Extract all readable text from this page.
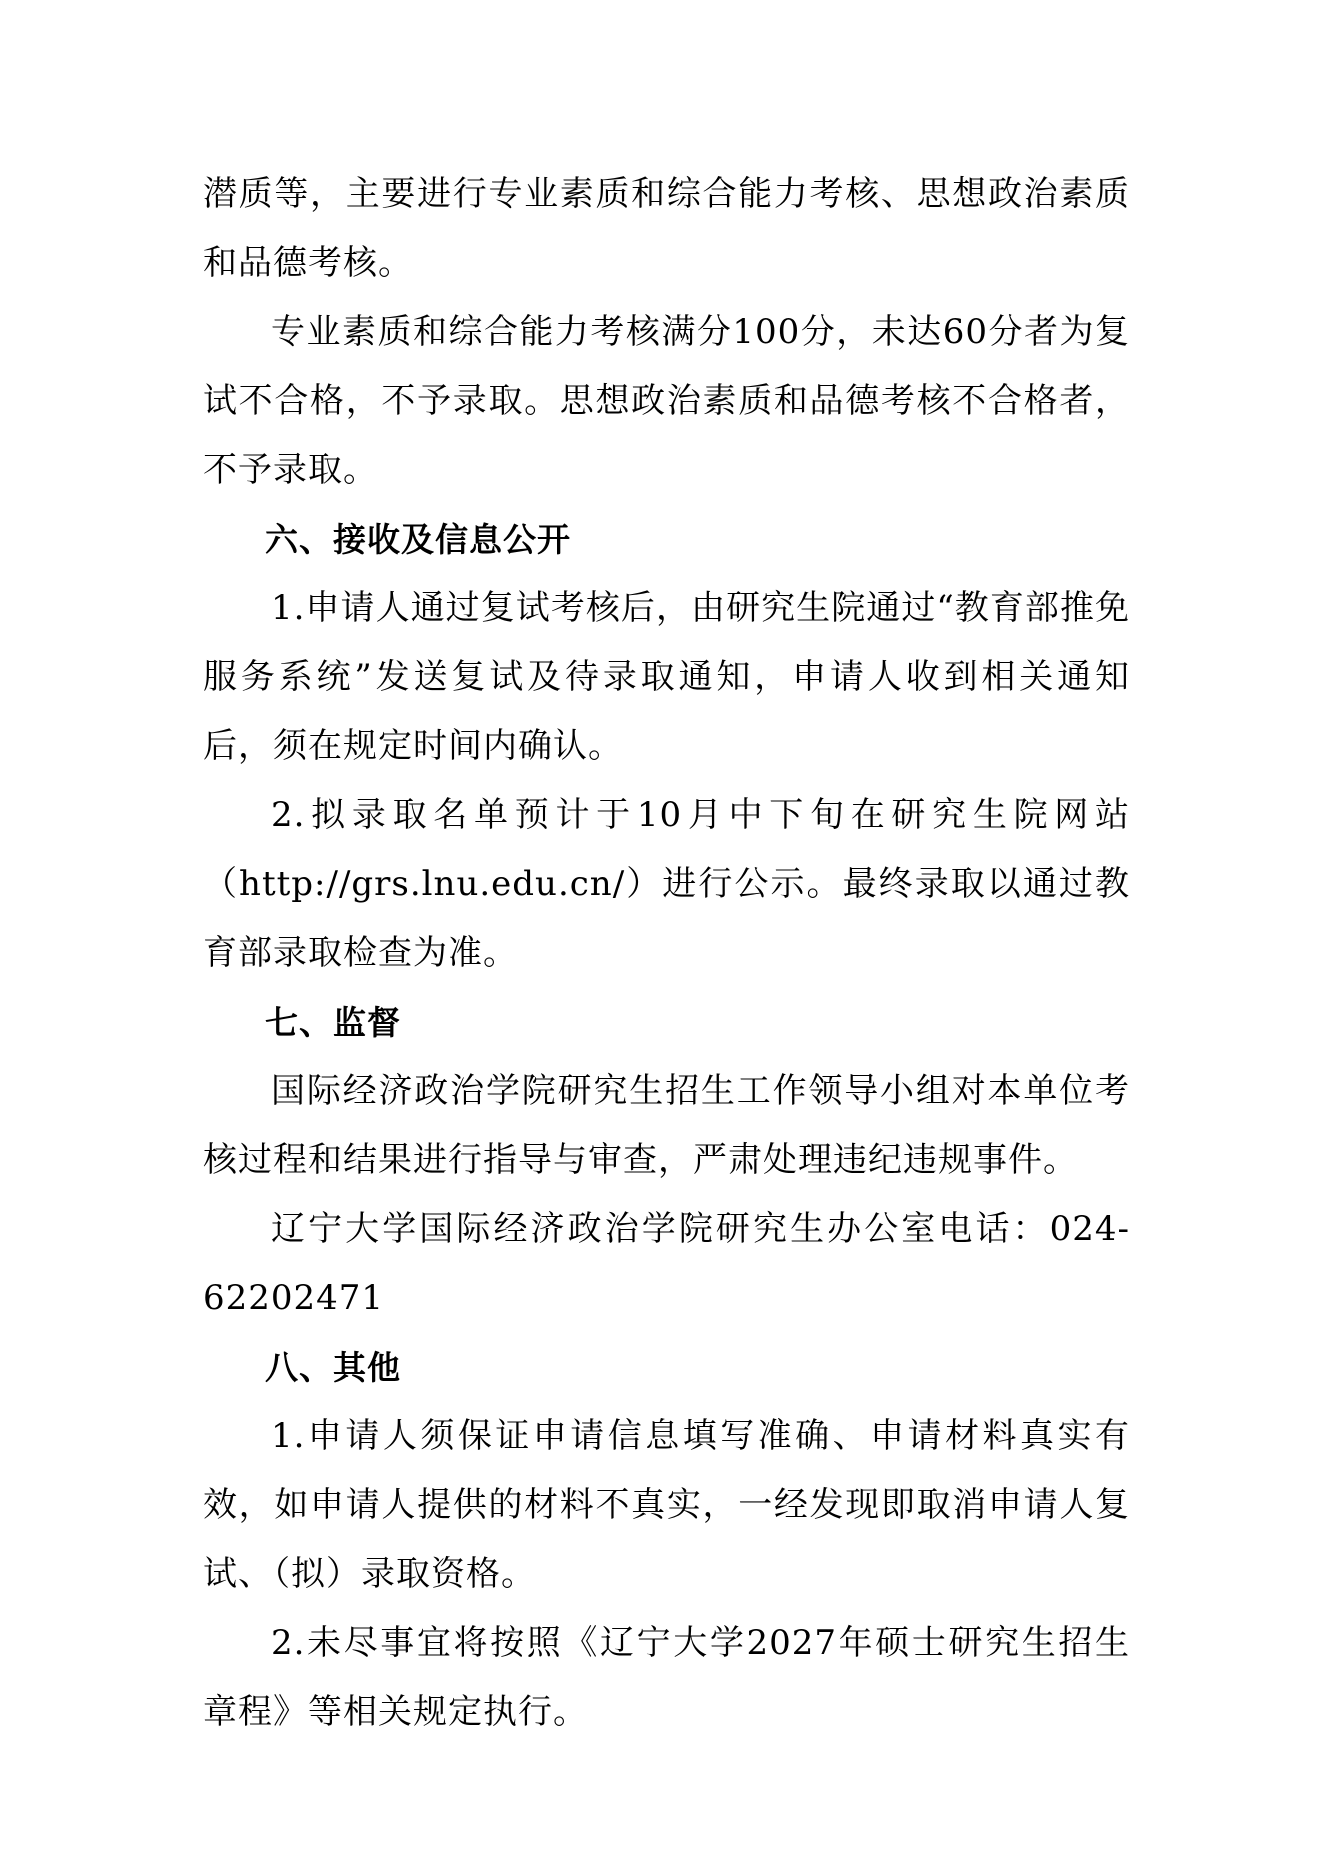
潜质等，主要进行专业素质和综合能力考核、思想政治素质和品德考核。

专业素质和综合能力考核满分100分，未达60分者为复试不合格，不予录取。思想政治素质和品德考核不合格者，不予录取。

六、接收及信息公开

1.申请人通过复试考核后，由研究生院通过“教育部推免服务系统”发送复试及待录取通知，申请人收到相关通知后，须在规定时间内确认。

2.拟录取名单预计于10月中下旬在研究生院网站（http://grs.lnu.edu.cn/）进行公示。最终录取以通过教育部录取检查为准。

七、监督

国际经济政治学院研究生招生工作领导小组对本单位考核过程和结果进行指导与审查，严肃处理违纪违规事件。

辽宁大学国际经济政治学院研究生办公室电话：024-62202471

八、其他

1.申请人须保证申请信息填写准确、申请材料真实有效，如申请人提供的材料不真实，一经发现即取消申请人复试、（拟）录取资格。

2.未尽事宜将按照《辽宁大学2027年硕士研究生招生章程》等相关规定执行。
